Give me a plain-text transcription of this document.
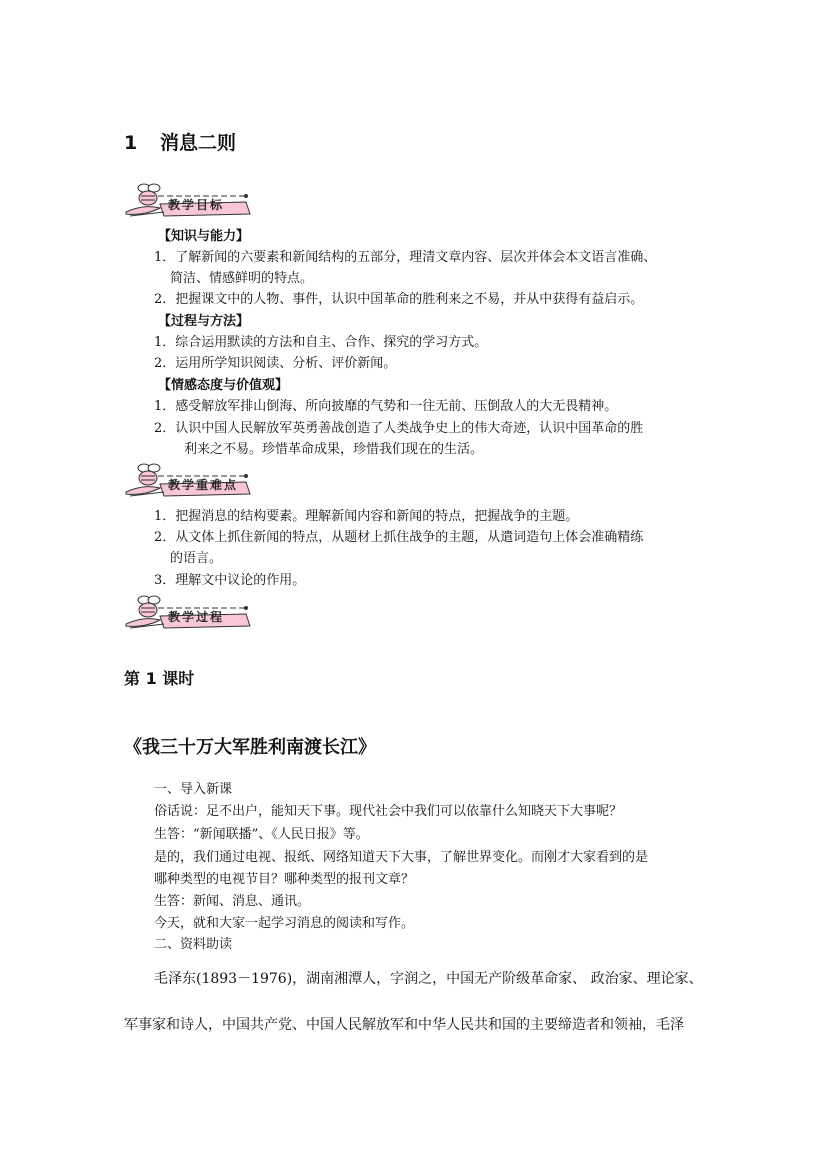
1 消息二则
教学目标
【知识与能力】
1．了解新闻的六要素和新闻结构的五部分，理清文章内容、层次并体会本文语言准确、
简洁、情感鲜明的特点。
2．把握课文中的人物、事件，认识中国革命的胜利来之不易，并从中获得有益启示。
【过程与方法】
1．综合运用默读的方法和自主、合作、探究的学习方式。
2．运用所学知识阅读、分析、评价新闻。
【情感态度与价值观】
1．感受解放军排山倒海、所向披靡的气势和一往无前、压倒敌人的大无畏精神。
2．认识中国人民解放军英勇善战创造了人类战争史上的伟大奇迹，认识中国革命的胜
利来之不易。珍惜革命成果，珍惜我们现在的生活。
教学重难点
1．把握消息的结构要素。理解新闻内容和新闻的特点，把握战争的主题。
2．从文体上抓住新闻的特点，从题材上抓住战争的主题，从遣词造句上体会准确精练
的语言。
3．理解文中议论的作用。
教学过程
第 1 课时
《我三十万大军胜利南渡长江》
一、导入新课
俗话说：足不出户，能知天下事。现代社会中我们可以依靠什么知晓天下大事呢？
生答：“新闻联播”、《人民日报》等。
是的，我们通过电视、报纸、网络知道天下大事，了解世界变化。而刚才大家看到的是
哪种类型的电视节目？哪种类型的报刊文章？
生答：新闻、消息、通讯。
今天，就和大家一起学习消息的阅读和写作。
二、资料助读
毛泽东(1893－1976)，湖南湘潭人，字润之，中国无产阶级革命家、 政治家、理论家、
军事家和诗人，中国共产党、中国人民解放军和中华人民共和国的主要缔造者和领袖，毛泽
